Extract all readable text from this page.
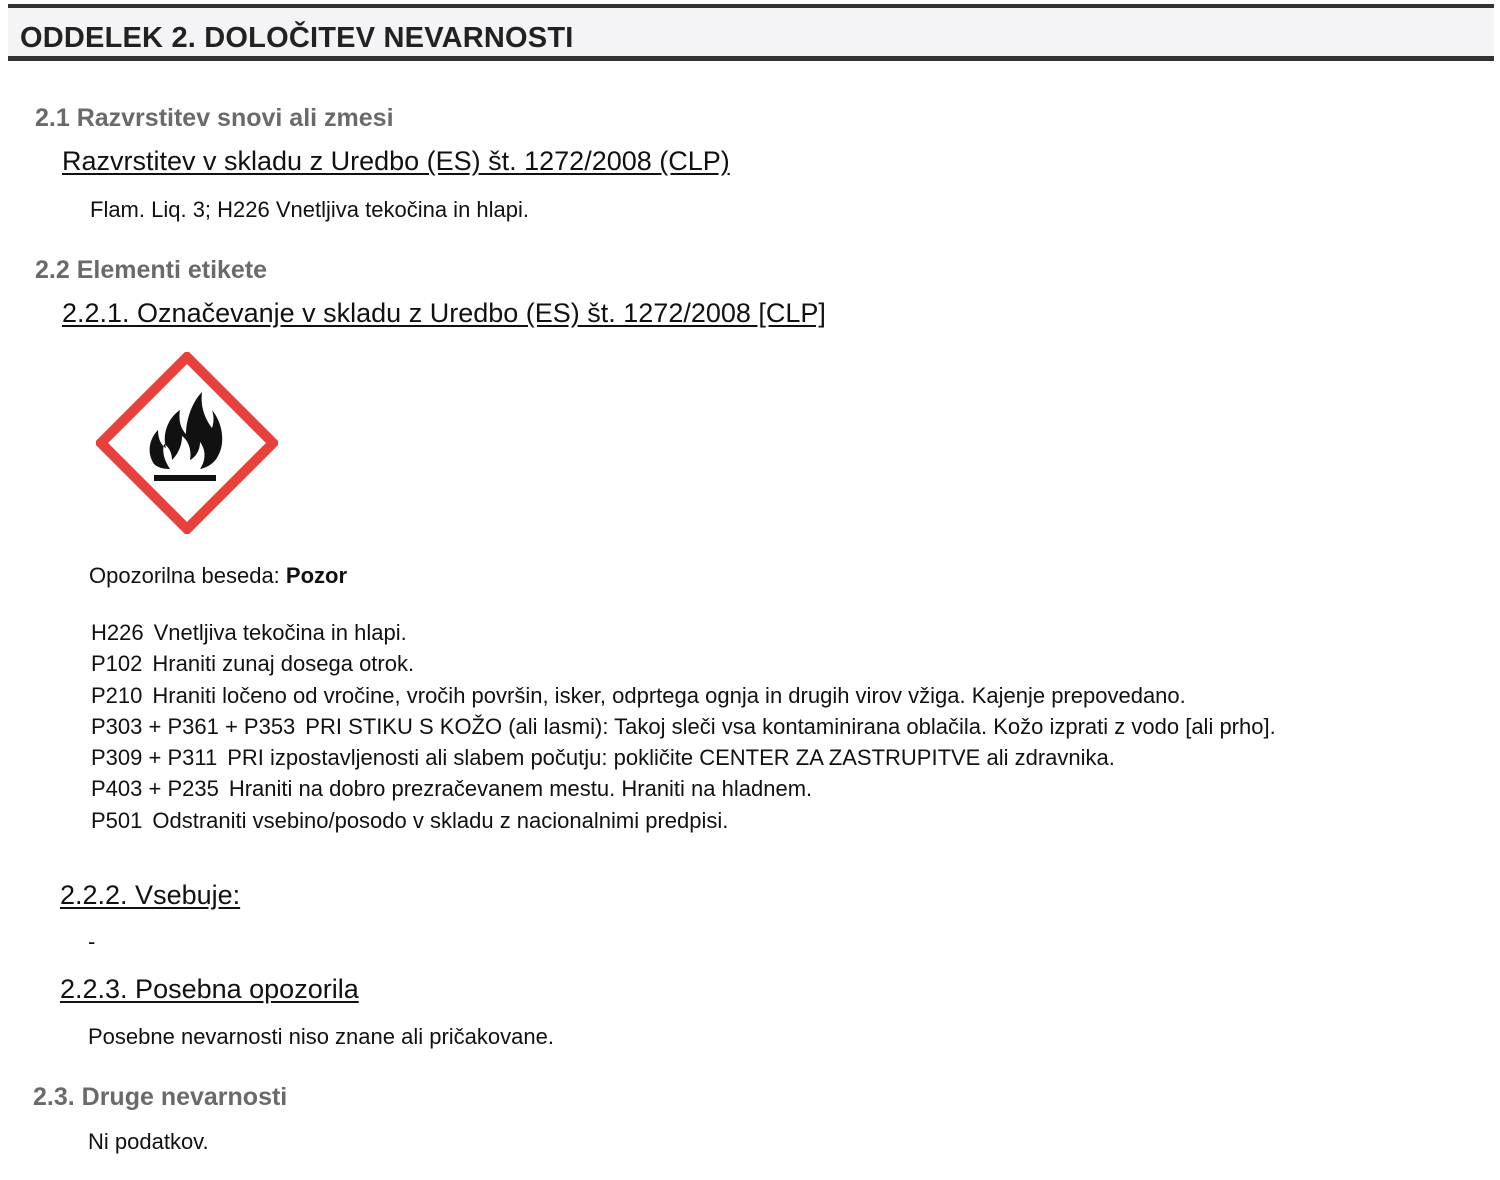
ODDELEK 2. DOLOČITEV NEVARNOSTI
2.1 Razvrstitev snovi ali zmesi
Razvrstitev v skladu z Uredbo (ES) št. 1272/2008 (CLP)
Flam. Liq. 3; H226 Vnetljiva tekočina in hlapi.
2.2 Elementi etikete
2.2.1. Označevanje v skladu z Uredbo (ES) št. 1272/2008 [CLP]
Opozorilna beseda: Pozor
H226 Vnetljiva tekočina in hlapi.
P102 Hraniti zunaj dosega otrok.
P210 Hraniti ločeno od vročine, vročih površin, isker, odprtega ognja in drugih virov vžiga. Kajenje prepovedano.
P303 + P361 + P353 PRI STIKU S KOŽO (ali lasmi): Takoj sleči vsa kontaminirana oblačila. Kožo izprati z vodo [ali prho].
P309 + P311 PRI izpostavljenosti ali slabem počutju: pokličite CENTER ZA ZASTRUPITVE ali zdravnika.
P403 + P235 Hraniti na dobro prezračevanem mestu. Hraniti na hladnem.
P501 Odstraniti vsebino/posodo v skladu z nacionalnimi predpisi.
2.2.2. Vsebuje:
-
2.2.3. Posebna opozorila
Posebne nevarnosti niso znane ali pričakovane.
2.3. Druge nevarnosti
Ni podatkov.
